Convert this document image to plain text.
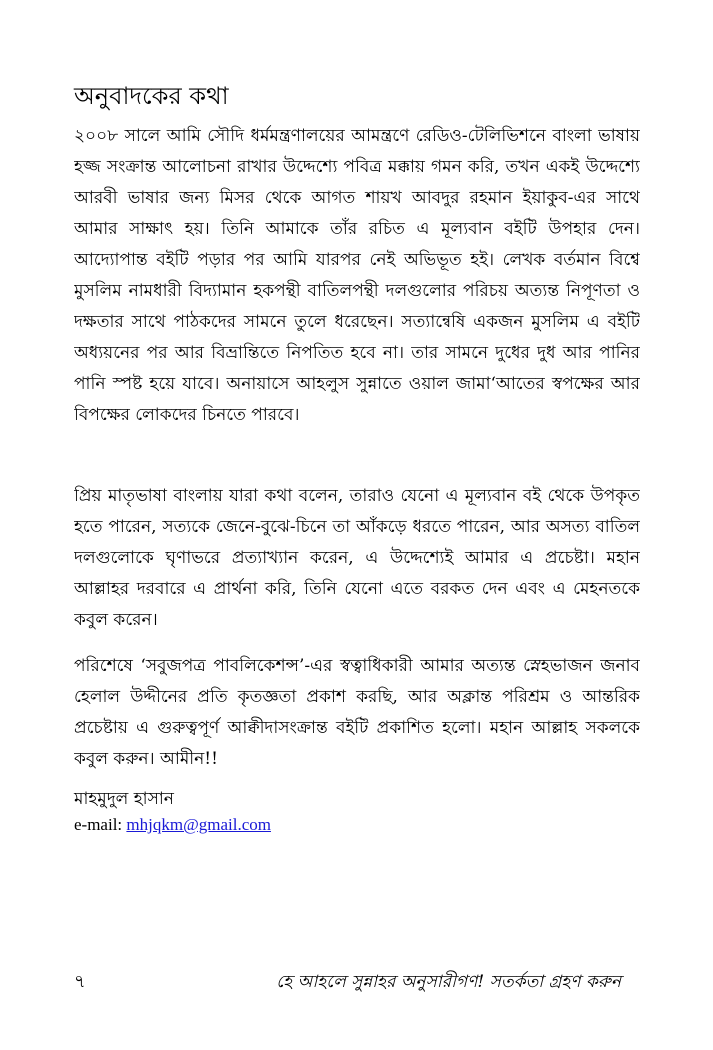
অনুবাদকের কথা

২০০৮ সালে আমি সৌদি ধর্মমন্ত্রণালয়ের আমন্ত্রণে রেডিও-টেলিভিশনে বাংলা ভাষায় হজ্জ সংক্রান্ত আলোচনা রাখার উদ্দেশ্যে পবিত্র মক্কায় গমন করি, তখন একই উদ্দেশ্যে আরবী ভাষার জন্য মিসর থেকে আগত শায়খ আবদুর রহমান ইয়াকুব-এর সাথে আমার সাক্ষাৎ হয়। তিনি আমাকে তাঁর রচিত এ মূল্যবান বইটি উপহার দেন। আদ্যোপান্ত বইটি পড়ার পর আমি যারপর নেই অভিভূত হই। লেখক বর্তমান বিশ্বে মুসলিম নামধারী বিদ্যামান হকপন্থী বাতিলপন্থী দলগুলোর পরিচয় অত্যন্ত নিপূণতা ও দক্ষতার সাথে পাঠকদের সামনে তুলে ধরেছেন। সত্যান্বেষি একজন মুসলিম এ বইটি অধ্যয়নের পর আর বিভ্রান্তিতে নিপতিত হবে না। তার সামনে দুধের দুধ আর পানির পানি স্পষ্ট হয়ে যাবে। অনায়াসে আহলুস সুন্নাতে ওয়াল জামা‘আতের স্বপক্ষের আর বিপক্ষের লোকদের চিনতে পারবে।

প্রিয় মাতৃভাষা বাংলায় যারা কথা বলেন, তারাও যেনো এ মূল্যবান বই থেকে উপকৃত হতে পারেন, সত্যকে জেনে-বুঝে-চিনে তা আঁকড়ে ধরতে পারেন, আর অসত্য বাতিল দলগুলোকে ঘৃণাভরে প্রত্যাখ্যান করেন, এ উদ্দেশ্যেই আমার এ প্রচেষ্টা। মহান আল্লাহর দরবারে এ প্রার্থনা করি, তিনি যেনো এতে বরকত দেন এবং এ মেহনতকে কবুল করেন।

পরিশেষে ‘সবুজপত্র পাবলিকেশন্স’-এর স্বত্বাধিকারী আমার অত্যন্ত স্নেহভাজন জনাব হেলাল উদ্দীনের প্রতি কৃতজ্ঞতা প্রকাশ করছি, আর অক্লান্ত পরিশ্রম ও আন্তরিক প্রচেষ্টায় এ গুরুত্বপূর্ণ আক্বীদাসংক্রান্ত বইটি প্রকাশিত হলো। মহান আল্লাহ সকলকে কবুল করুন। আমীন!!

মাহমুদুল হাসান
e-mail: mhjqkm@gmail.com
৭	হে আহলে সুন্নাহর অনুসারীগণ! সতর্কতা গ্রহণ করুন
